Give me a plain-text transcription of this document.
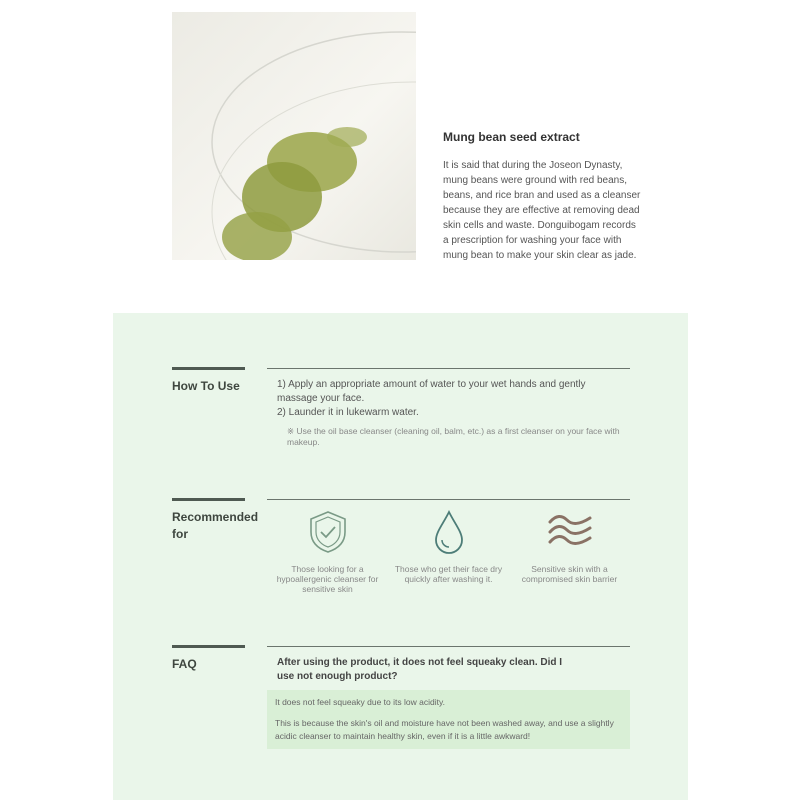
Mung bean seed extract

It is said that during the Joseon Dynasty, mung beans were ground with red beans, beans, and rice bran and used as a cleanser because they are effective at removing dead skin cells and waste. Donguibogam records a prescription for washing your face with mung bean to make your skin clear as jade.

How To Use	1) Apply an appropriate amount of water to your wet hands and gently massage your face.
2) Launder it in lukewarm water.
※ Use the oil base cleanser (cleaning oil, balm, etc.) as a first cleanser on your face with makeup.
Recommended for
Those looking for a hypoallergenic cleanser for sensitive skin
Those who get their face dry quickly after washing it.
Sensitive skin with a compromised skin barrier
FAQ	After using the product, it does not feel squeaky clean. Did I use not enough product?
It does not feel squeaky due to its low acidity.
This is because the skin's oil and moisture have not been washed away, and use a slightly acidic cleanser to maintain healthy skin, even if it is a little awkward!
